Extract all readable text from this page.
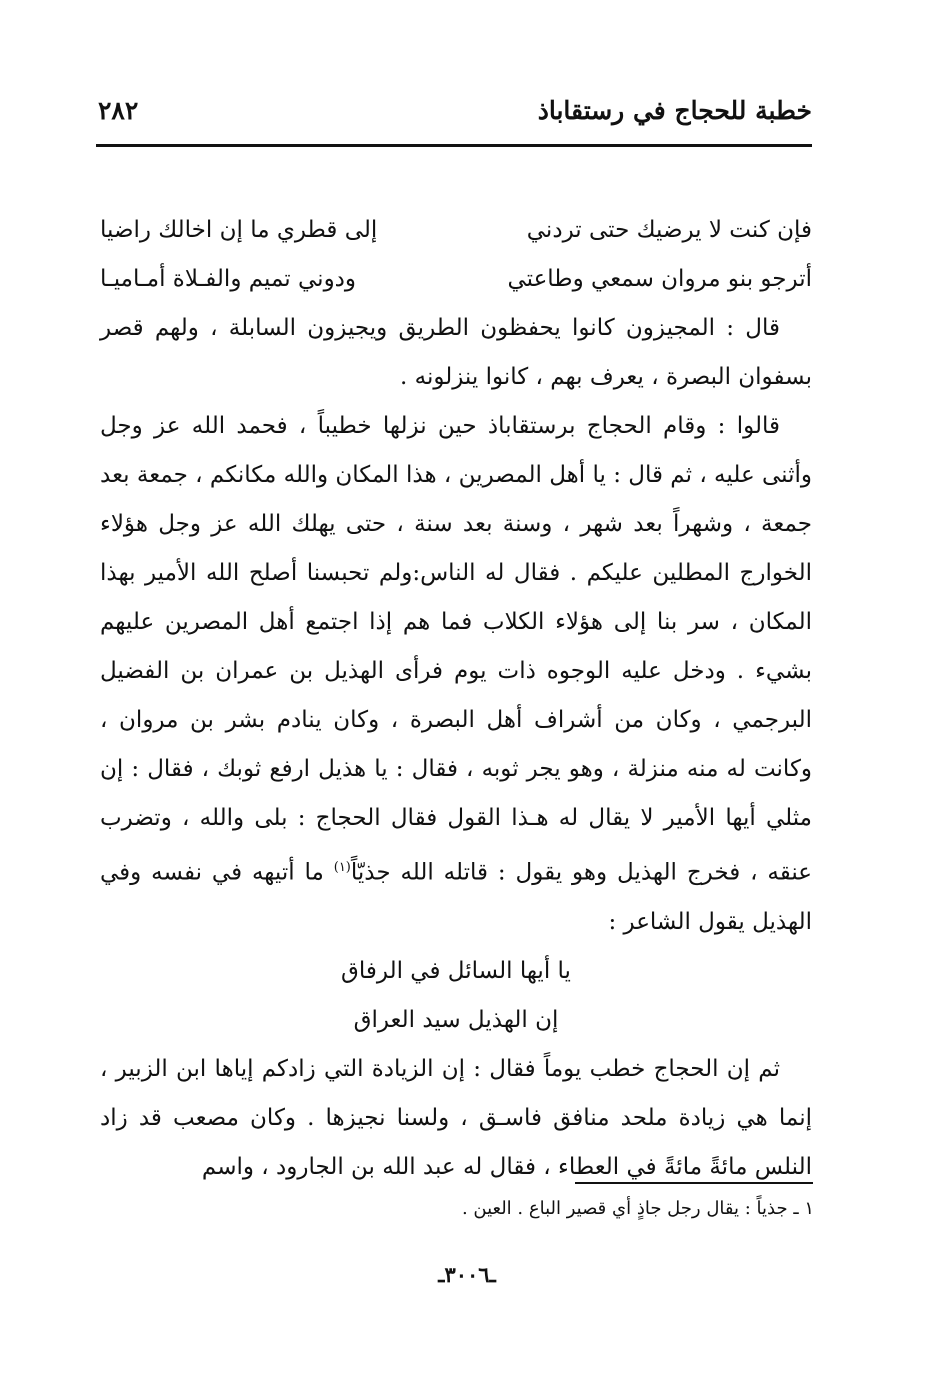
خطبة للحجاج في رستقاباذ
٢٨٢
فإن كنت لا يرضيك حتى تردني
إلى قطري ما إن اخالك راضيا
أترجو بنو مروان سمعي وطاعتي
ودوني تميم والفـلاة أمـاميـا

قال : المجيزون كانوا يحفظون الطريق ويجيزون السابلة ، ولهم قصر بسفوان البصرة ، يعرف بهم ، كانوا ينزلونه .

قالوا : وقام الحجاج برستقاباذ حين نزلها خطيباً ، فحمد الله عز وجل وأثنى عليه ، ثم قال : يا أهل المصرين ، هذا المكان والله مكانكم ، جمعة بعد جمعة ، وشهراً بعد شهر ، وسنة بعد سنة ، حتى يهلك الله عز وجل هؤلاء الخوارج المطلين عليكم . فقال له الناس:ولم تحبسنا أصلح الله الأمير بهذا المكان ، سر بنا إلى هؤلاء الكلاب فما هم إذا اجتمع أهل المصرين عليهم بشيء . ودخل عليه الوجوه ذات يوم فرأى الهذيل بن عمران بن الفضيل البرجمي ، وكان من أشراف أهل البصرة ، وكان ينادم بشر بن مروان ، وكانت له منه منزلة ، وهو يجر ثوبه ، فقال : يا هذيل ارفع ثوبك ، فقال : إن مثلي أيها الأمير لا يقال له هـذا القول فقال الحجاج : بلى والله ، وتضرب عنقه ، فخرج الهذيل وهو يقول : قاتله الله جذيّاً$^{(١)}$ ما أتيهه في نفسه وفي الهذيل يقول الشاعر :

يا أيها السائل في الرفاق

إن الهذيل سيد العراق

ثم إن الحجاج خطب يوماً فقال : إن الزيادة التي زادكم إياها ابن الزبير ، إنما هي زيادة ملحد منافق فاسـق ، ولسنا نجيزها . وكان مصعب قد زاد النلس مائةً مائةً في العطاء ، فقال له عبد الله بن الجارود ، واسم

١ ـ جذياً : يقال رجل جاذٍ أي قصير الباع . العين .
ـ٣٠٠٦ـ
